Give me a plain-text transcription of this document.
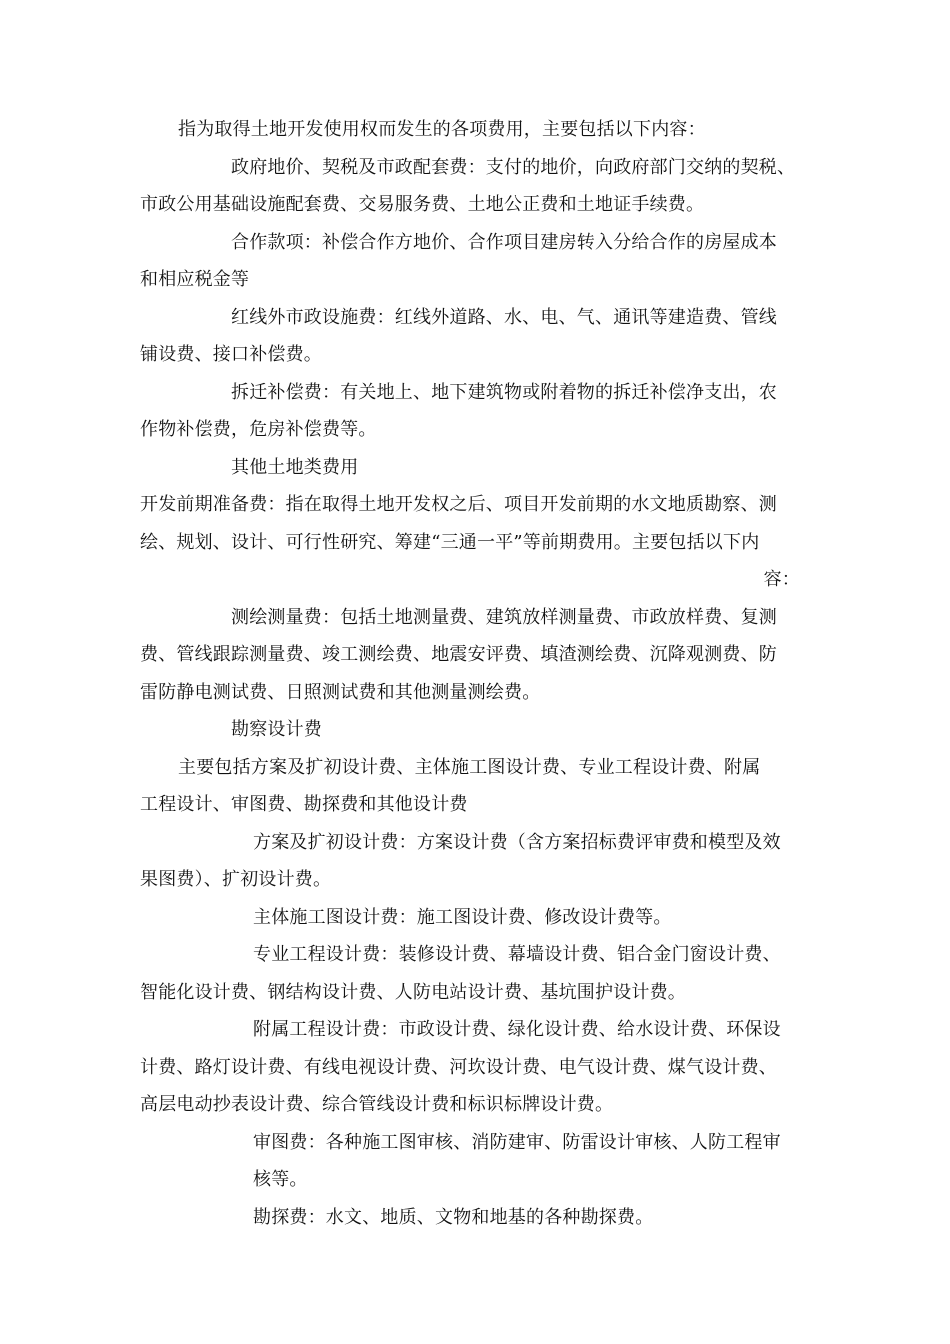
指为取得土地开发使用权而发生的各项费用，主要包括以下内容：
政府地价、契税及市政配套费：支付的地价，向政府部门交纳的契税、
市政公用基础设施配套费、交易服务费、土地公正费和土地证手续费。
合作款项：补偿合作方地价、合作项目建房转入分给合作的房屋成本
和相应税金等
红线外市政设施费：红线外道路、水、电、气、通讯等建造费、管线
铺设费、接口补偿费。
拆迁补偿费：有关地上、地下建筑物或附着物的拆迁补偿净支出，农
作物补偿费，危房补偿费等。
其他土地类费用
开发前期准备费：指在取得土地开发权之后、项目开发前期的水文地质勘察、测
绘、规划、设计、可行性研究、筹建“三通一平”等前期费用。主要包括以下内
容：
测绘测量费：包括土地测量费、建筑放样测量费、市政放样费、复测
费、管线跟踪测量费、竣工测绘费、地震安评费、填渣测绘费、沉降观测费、防
雷防静电测试费、日照测试费和其他测量测绘费。
勘察设计费
主要包括方案及扩初设计费、主体施工图设计费、专业工程设计费、附属
工程设计、审图费、勘探费和其他设计费
方案及扩初设计费：方案设计费（含方案招标费评审费和模型及效
果图费）、扩初设计费。
主体施工图设计费：施工图设计费、修改设计费等。
专业工程设计费：装修设计费、幕墙设计费、铝合金门窗设计费、
智能化设计费、钢结构设计费、人防电站设计费、基坑围护设计费。
附属工程设计费：市政设计费、绿化设计费、给水设计费、环保设
计费、路灯设计费、有线电视设计费、河坎设计费、电气设计费、煤气设计费、
高层电动抄表设计费、综合管线设计费和标识标牌设计费。
审图费：各种施工图审核、消防建审、防雷设计审核、人防工程审
核等。
勘探费：水文、地质、文物和地基的各种勘探费。
